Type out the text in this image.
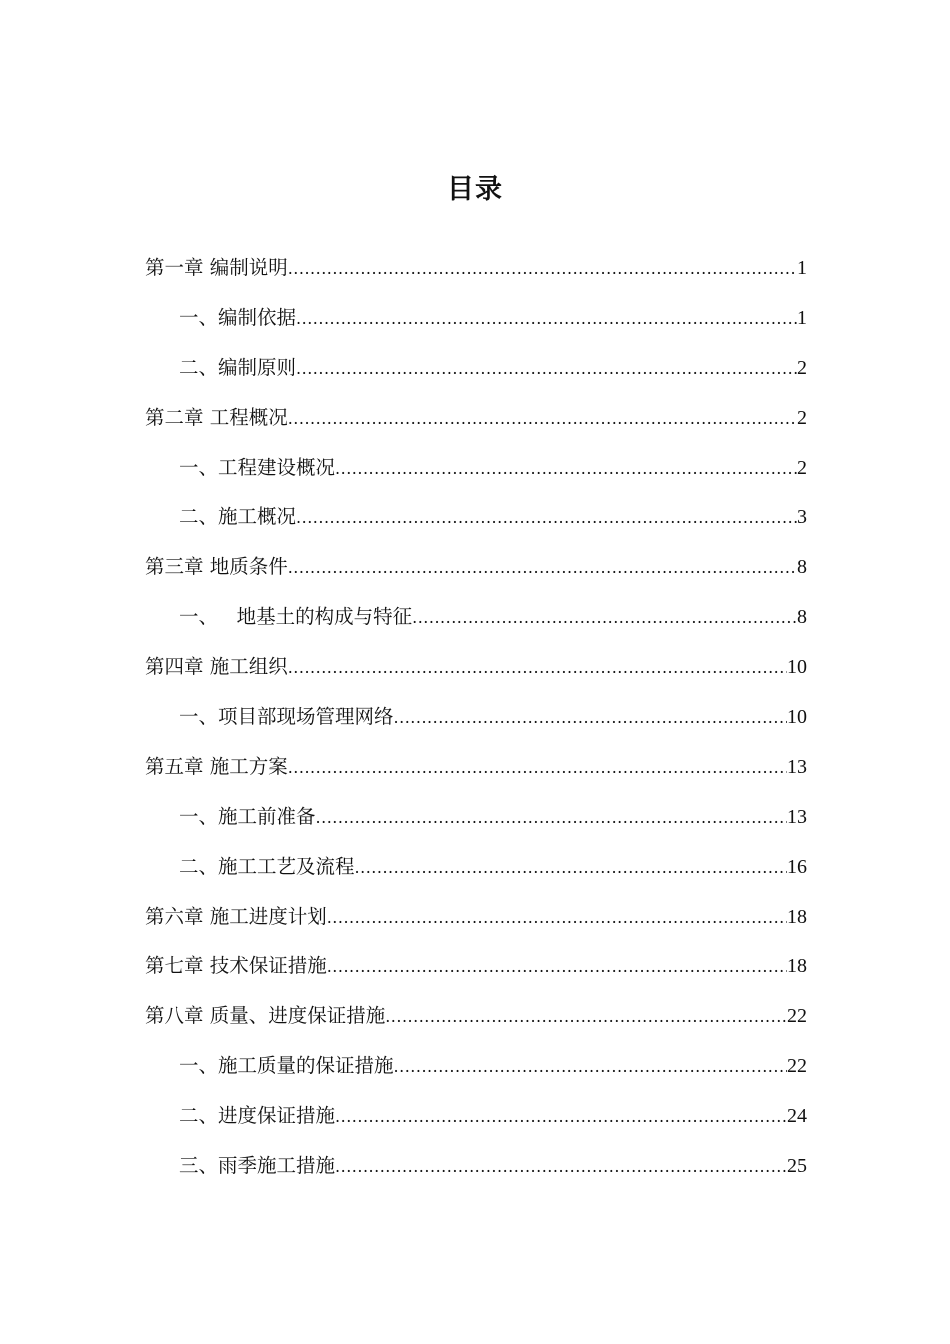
目录
第一章 编制说明 .....	1
一、编制依据 .....	1
二、编制原则 .....	2
第二章 工程概况 .....	2
一、工程建设概况 .....	2
二、施工概况 .....	3
第三章 地质条件 .....	8
一、   地基土的构成与特征 .....	8
第四章 施工组织 .....	10
一、项目部现场管理网络 .....	10
第五章 施工方案 .....	13
一、施工前准备 .....	13
二、施工工艺及流程 .....	16
第六章 施工进度计划 .....	18
第七章 技术保证措施 .....	18
第八章 质量、进度保证措施 .....	22
一、施工质量的保证措施 .....	22
二、进度保证措施 .....	24
三、雨季施工措施 .....	25
